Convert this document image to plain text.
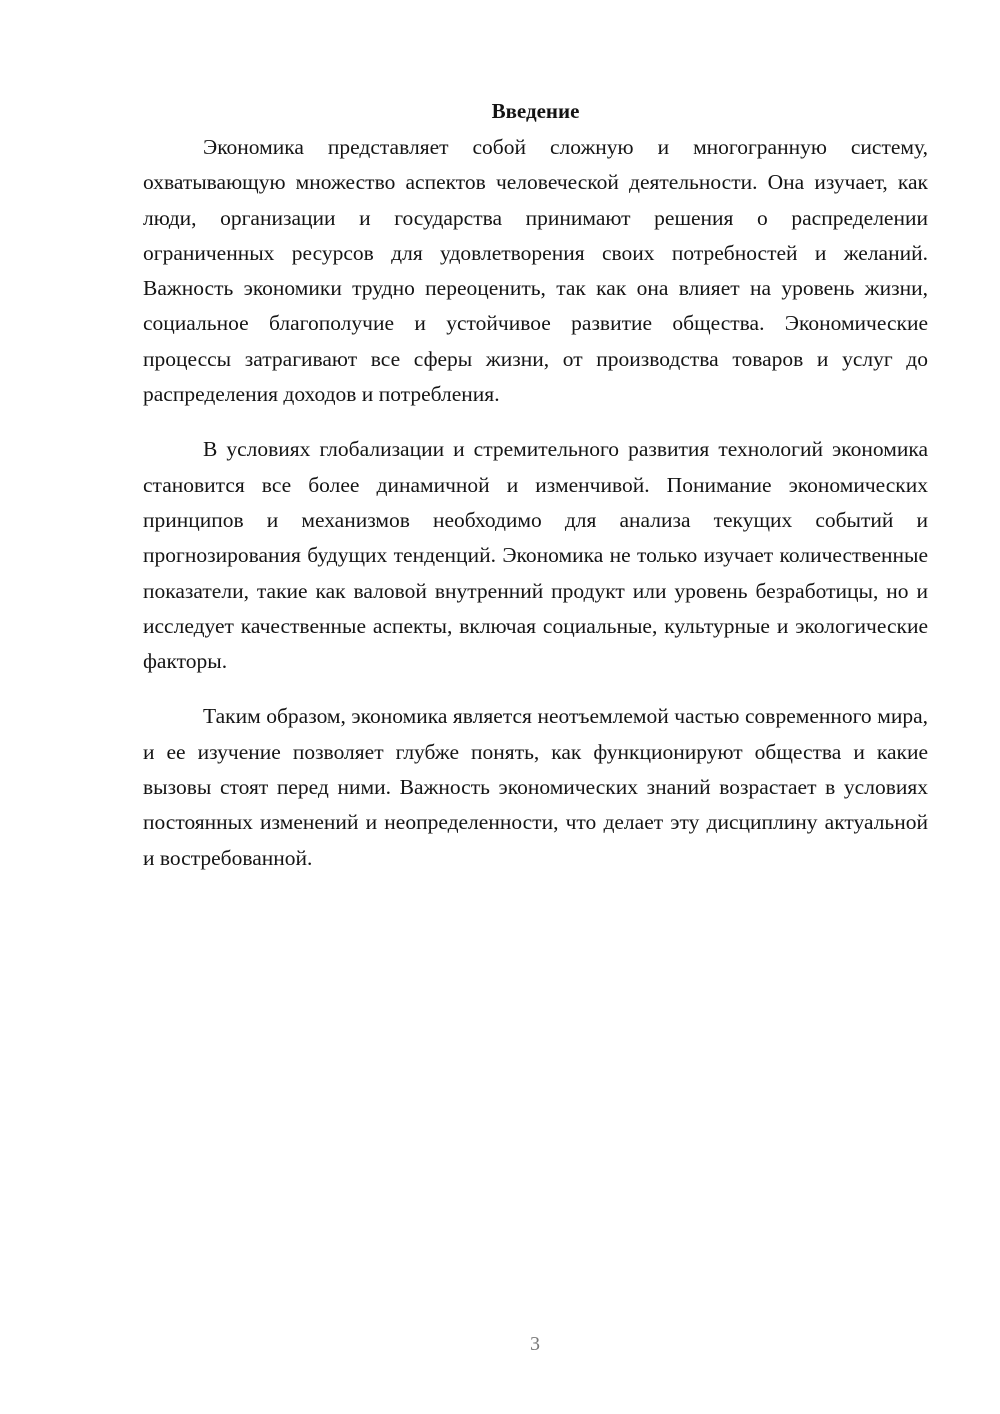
Введение

Экономика представляет собой сложную и многогранную систему, охватывающую множество аспектов человеческой деятельности. Она изучает, как люди, организации и государства принимают решения о распределении ограниченных ресурсов для удовлетворения своих потребностей и желаний. Важность экономики трудно переоценить, так как она влияет на уровень жизни, социальное благополучие и устойчивое развитие общества. Экономические процессы затрагивают все сферы жизни, от производства товаров и услуг до распределения доходов и потребления.

В условиях глобализации и стремительного развития технологий экономика становится все более динамичной и изменчивой. Понимание экономических принципов и механизмов необходимо для анализа текущих событий и прогнозирования будущих тенденций. Экономика не только изучает количественные показатели, такие как валовой внутренний продукт или уровень безработицы, но и исследует качественные аспекты, включая социальные, культурные и экологические факторы.

Таким образом, экономика является неотъемлемой частью современного мира, и ее изучение позволяет глубже понять, как функционируют общества и какие вызовы стоят перед ними. Важность экономических знаний возрастает в условиях постоянных изменений и неопределенности, что делает эту дисциплину актуальной и востребованной.

3
